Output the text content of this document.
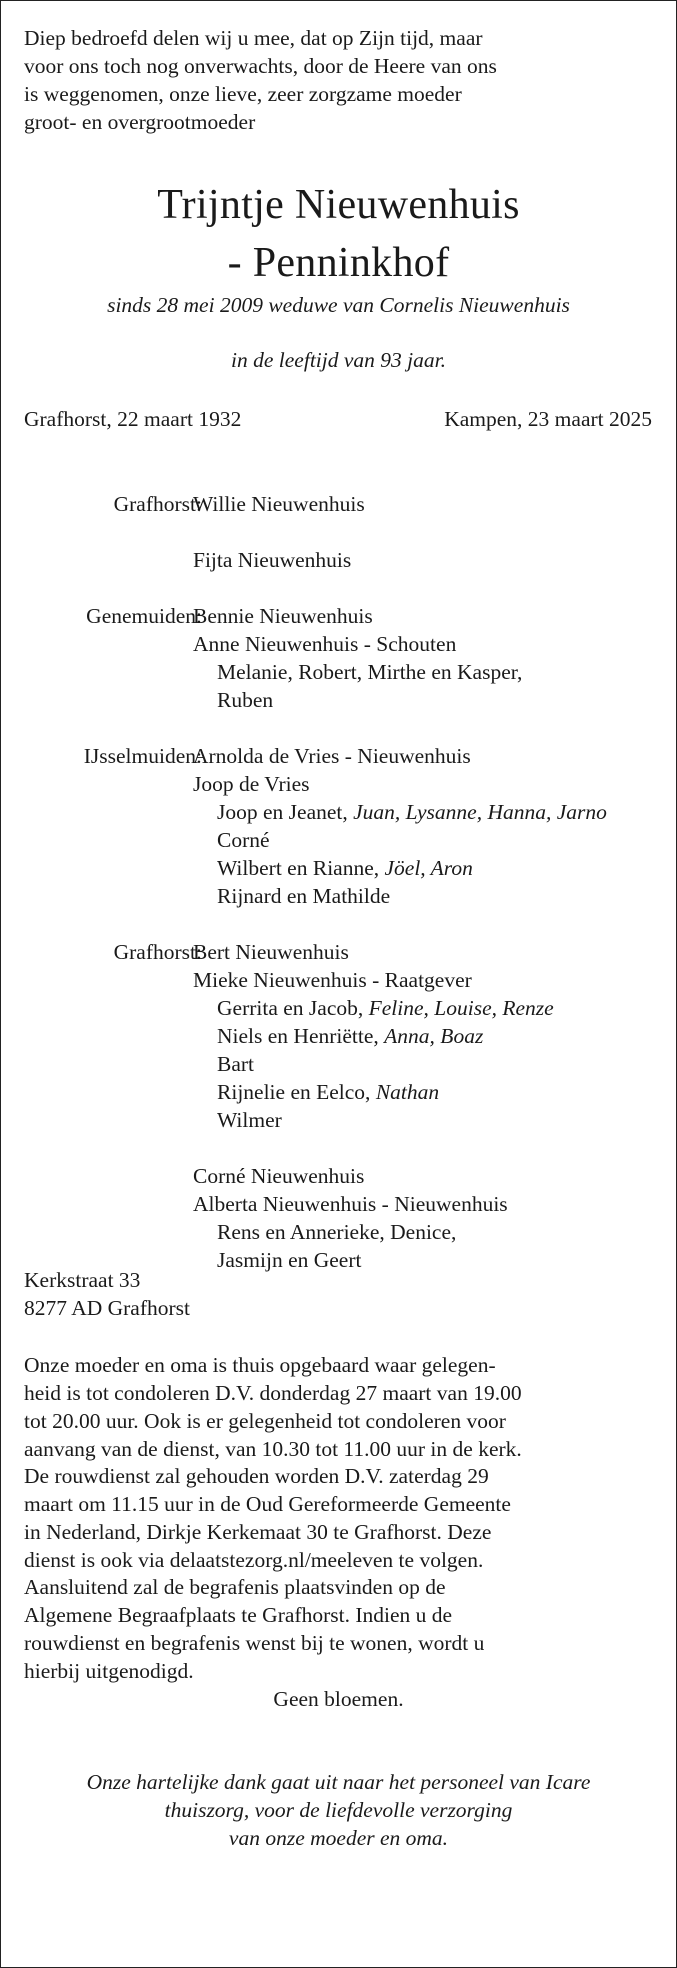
Diep bedroefd delen wij u mee, dat op Zijn tijd, maar

voor ons toch nog onverwachts, door de Heere van ons

is weggenomen, onze lieve, zeer zorgzame moeder

groot- en overgrootmoeder

Trijntje Nieuwenhuis

- Penninkhof

sinds 28 mei 2009 weduwe van Cornelis Nieuwenhuis
in de leeftijd van 93 jaar.
Grafhorst, 22 maart 1932	Kampen, 23 maart 2025
Grafhorst:
Willie Nieuwenhuis
Fijta Nieuwenhuis
Genemuiden:
Bennie Nieuwenhuis
Anne Nieuwenhuis - Schouten
Melanie, Robert, Mirthe en Kasper,
Ruben
IJsselmuiden:
Arnolda de Vries - Nieuwenhuis
Joop de Vries
Joop en Jeanet, Juan, Lysanne, Hanna, Jarno
Corné
Wilbert en Rianne, Jöel, Aron
Rijnard en Mathilde
Grafhorst:
Bert Nieuwenhuis
Mieke Nieuwenhuis - Raatgever
Gerrita en Jacob, Feline, Louise, Renze
Niels en Henriëtte, Anna, Boaz
Bart
Rijnelie en Eelco, Nathan
Wilmer
Corné Nieuwenhuis
Alberta Nieuwenhuis - Nieuwenhuis
Rens en Annerieke, Denice,
Jasmijn en Geert

Kerkstraat 33

8277 AD Grafhorst

Onze moeder en oma is thuis opgebaard waar gelegen-

heid is tot condoleren D.V. donderdag 27 maart van 19.00

tot 20.00 uur. Ook is er gelegenheid tot condoleren voor

aanvang van de dienst, van 10.30 tot 11.00 uur in de kerk.

De rouwdienst zal gehouden worden D.V. zaterdag 29

maart om 11.15 uur in de Oud Gereformeerde Gemeente

in Nederland, Dirkje Kerkemaat 30 te Grafhorst. Deze

dienst is ook via delaatstezorg.nl/meeleven te volgen.

Aansluitend zal de begrafenis plaatsvinden op de

Algemene Begraafplaats te Grafhorst. Indien u de

rouwdienst en begrafenis wenst bij te wonen, wordt u

hierbij uitgenodigd.

Geen bloemen.

Onze hartelijke dank gaat uit naar het personeel van Icare

thuiszorg, voor de liefdevolle verzorging

van onze moeder en oma.
